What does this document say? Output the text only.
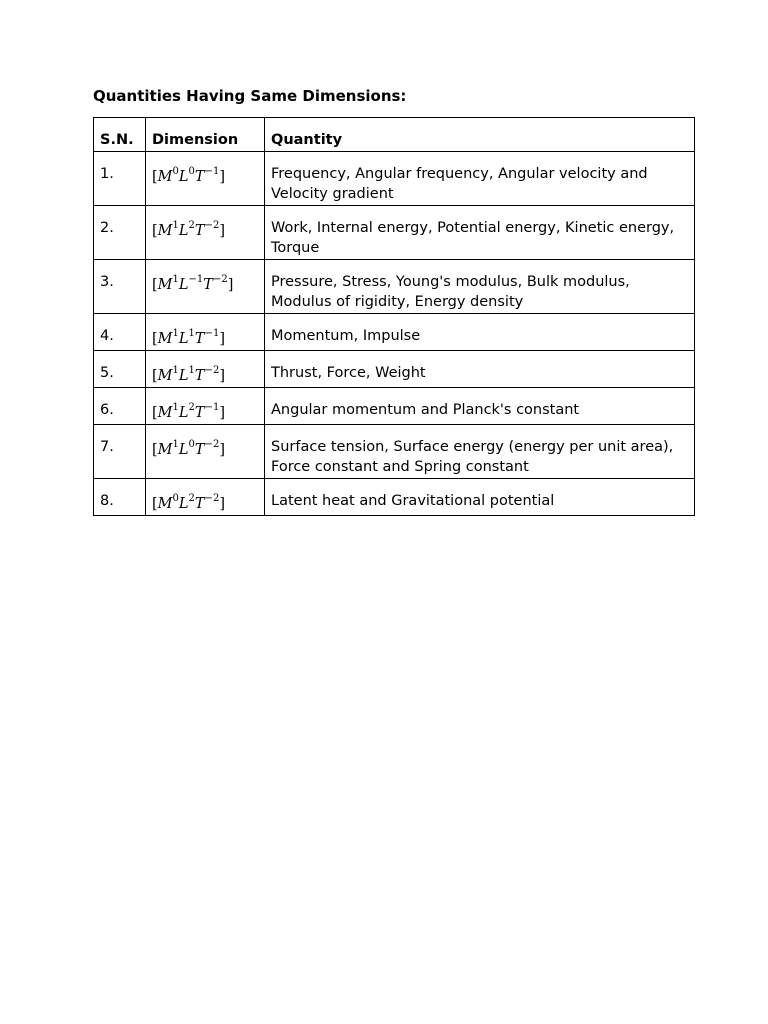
Quantities Having Same Dimensions:
S.N.	Dimension	Quantity
1.	$[M^0L^0T^{-1}]$	Frequency, Angular frequency, Angular velocity and Velocity gradient
2.	$[M^1L^2T^{-2}]$	Work, Internal energy, Potential energy, Kinetic energy, Torque
3.	$[M^1L^{-1}T^{-2}]$	Pressure, Stress, Young's modulus, Bulk modulus, Modulus of rigidity, Energy density
4.	$[M^1L^1T^{-1}]$	Momentum, Impulse
5.	$[M^1L^1T^{-2}]$	Thrust, Force, Weight
6.	$[M^1L^2T^{-1}]$	Angular momentum and Planck's constant
7.	$[M^1L^0T^{-2}]$	Surface tension, Surface energy (energy per unit area), Force constant and Spring constant
8.	$[M^0L^2T^{-2}]$	Latent heat and Gravitational potential
